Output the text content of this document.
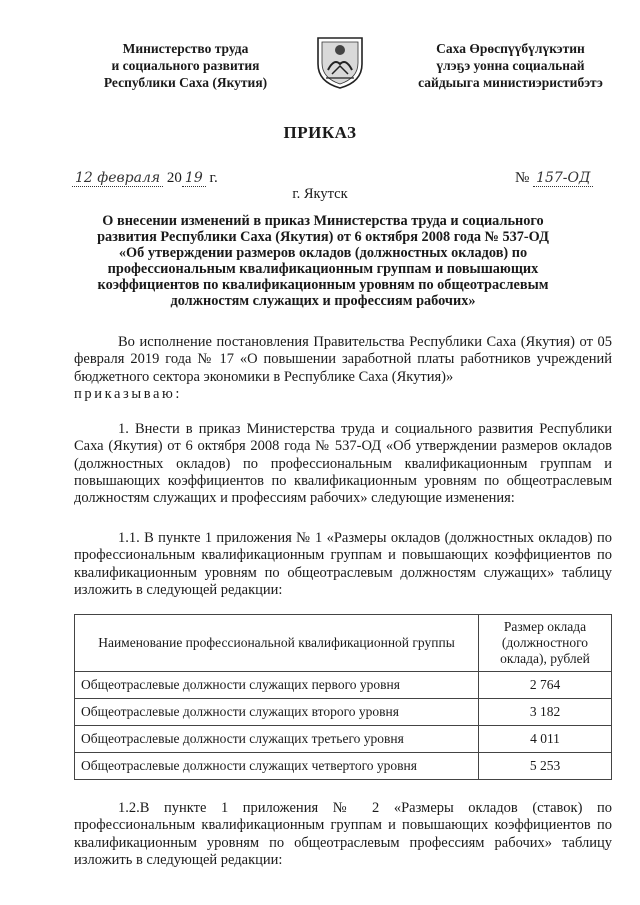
Министерство труда
и социального развития
Республики Саха (Якутия)
Саха Өрөспүүбүлүкэтин
үлэҕэ уонна социальнай
сайдыыга министиэристибэтэ
ПРИКАЗ
12 февраля 20 19 г.	№ 157-ОД
г. Якутск
О внесении изменений в приказ Министерства труда и социального развития Республики Саха (Якутия) от 6 октября 2008 года № 537-ОД «Об утверждении размеров окладов (должностных окладов) по профессиональным квалификационным группам и повышающих коэффициентов по квалификационным уровням по общеотраслевым должностям служащих и профессиям рабочих»

Во исполнение постановления Правительства Республики Саха (Якутия) от 05 февраля 2019 года № 17 «О повышении заработной платы работников учреждений бюджетного сектора экономики в Республике Саха (Якутия)»

приказываю:

1. Внести в приказ Министерства труда и социального развития Республики Саха (Якутия) от 6 октября 2008 года № 537-ОД «Об утверждении размеров окладов (должностных окладов) по профессиональным квалификационным группам и повышающих коэффициентов по квалификационным уровням по общеотраслевым должностям служащих и профессиям рабочих» следующие изменения:

1.1. В пункте 1 приложения № 1 «Размеры окладов (должностных окладов) по профессиональным квалификационным группам и повышающих коэффициентов по квалификационным уровням по общеотраслевым должностям служащих» таблицу изложить в следующей редакции:

Наименование профессиональной квалификационной группы	Размер оклада (должностного оклада), рублей
Общеотраслевые должности служащих первого уровня	2 764
Общеотраслевые должности служащих второго уровня	3 182
Общеотраслевые должности служащих третьего уровня	4 011
Общеотраслевые должности служащих четвертого уровня	5 253

1.2.В пункте 1 приложения № 2 «Размеры окладов (ставок) по профессиональным квалификационным группам и повышающих коэффициентов по квалификационным уровням по общеотраслевым профессиям рабочих» таблицу изложить в следующей редакции:
